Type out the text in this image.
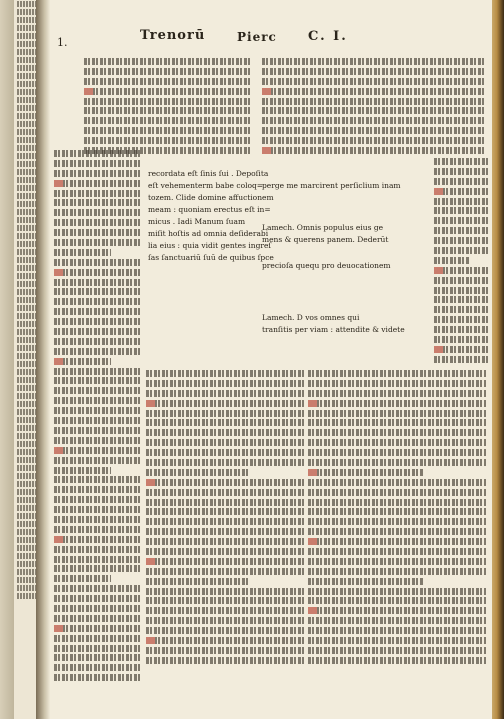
1.	Trenorū	Pierc C. I.
recordata eſt ſinis ſui . Depoſita
eſt vehementerm babe coloq=
tozem. Clide domine affuctionem
meam : quoniam erectus eſt in=
micus . Iadi Manum ſuam
miſit hoſtis ad omnia deſiderabi
lia eius : quia vidit gentes ingreſ
ſas ſanctuariū ſuū de quibus ſpce
perge me marcirent perſiclium inam
Lamech. Omnis populus eius ge
mens & querens panem. Dederūt
precioſa quequ pro deuocationem
Lamech. D vos omnes qui
tranſitis per viam : attendite & videte
